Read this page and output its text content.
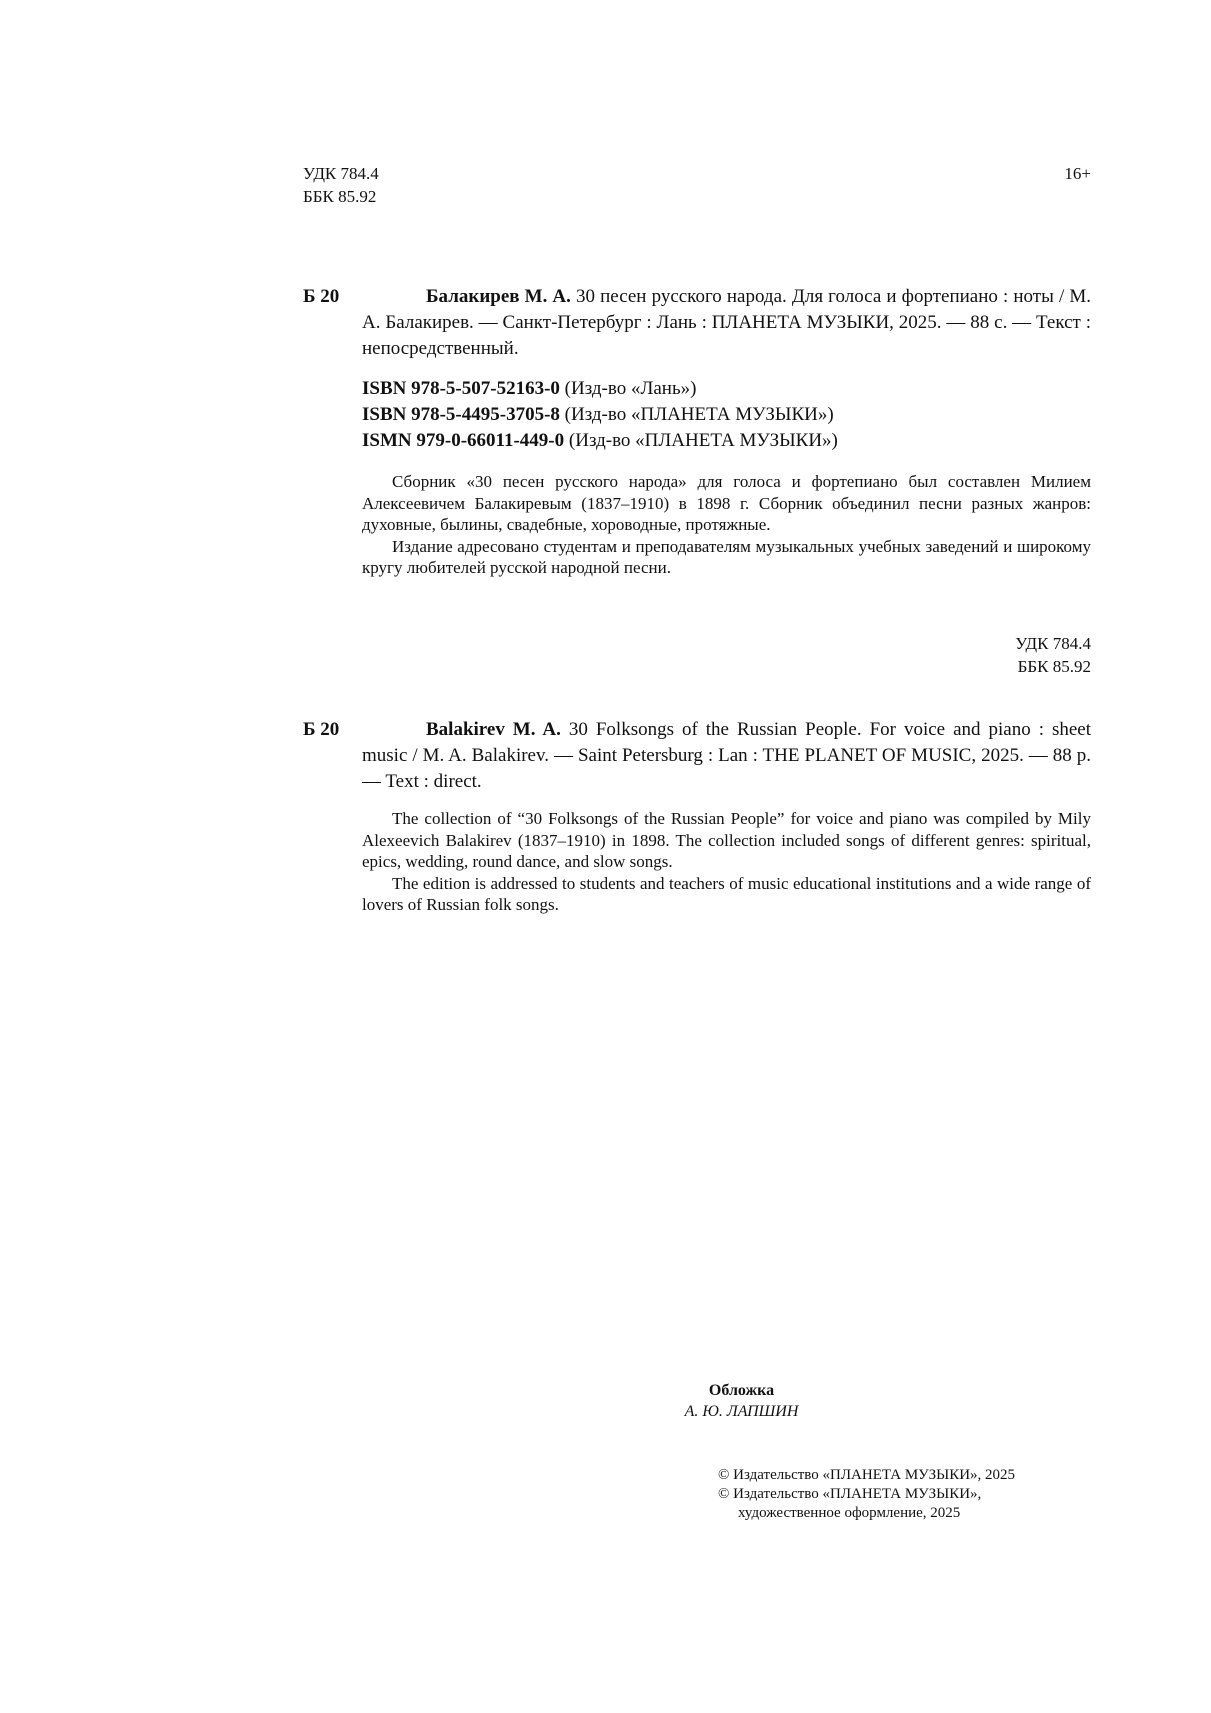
УДК 784.4
ББК 85.92
16+
Б 20	Балакирев М. А. 30 песен русского народа. Для голоса и фортепиано : ноты / М. А. Балакирев. — Санкт-Петербург : Лань : ПЛАНЕТА МУЗЫКИ, 2025. — 88 с. — Текст : непосредственный.
ISBN 978-5-507-52163-0 (Изд-во «Лань»)
ISBN 978-5-4495-3705-8 (Изд-во «ПЛАНЕТА МУЗЫКИ»)
ISMN 979-0-66011-449-0 (Изд-во «ПЛАНЕТА МУЗЫКИ»)

Сборник «30 песен русского народа» для голоса и фортепиано был составлен Милием Алексеевичем Балакиревым (1837–1910) в 1898 г. Сборник объединил песни разных жанров: духовные, былины, свадебные, хороводные, протяжные.

Издание адресовано студентам и преподавателям музыкальных учебных заведений и широкому кругу любителей русской народной песни.

УДК 784.4
ББК 85.92
Б 20	Balakirev M. A. 30 Folksongs of the Russian People. For voice and piano : sheet music / M. A. Balakirev. — Saint Petersburg : Lan : THE PLANET OF MUSIC, 2025. — 88 p. — Text : direct.

The collection of “30 Folksongs of the Russian People” for voice and piano was compiled by Mily Alexeevich Balakirev (1837–1910) in 1898. The collection included songs of different genres: spiritual, epics, wedding, round dance, and slow songs.

The edition is addressed to students and teachers of music educational institutions and a wide range of lovers of Russian folk songs.

Обложка
А. Ю. ЛАПШИН
© Издательство «ПЛАНЕТА МУЗЫКИ», 2025
© Издательство «ПЛАНЕТА МУЗЫКИ»,
художественное оформление, 2025
